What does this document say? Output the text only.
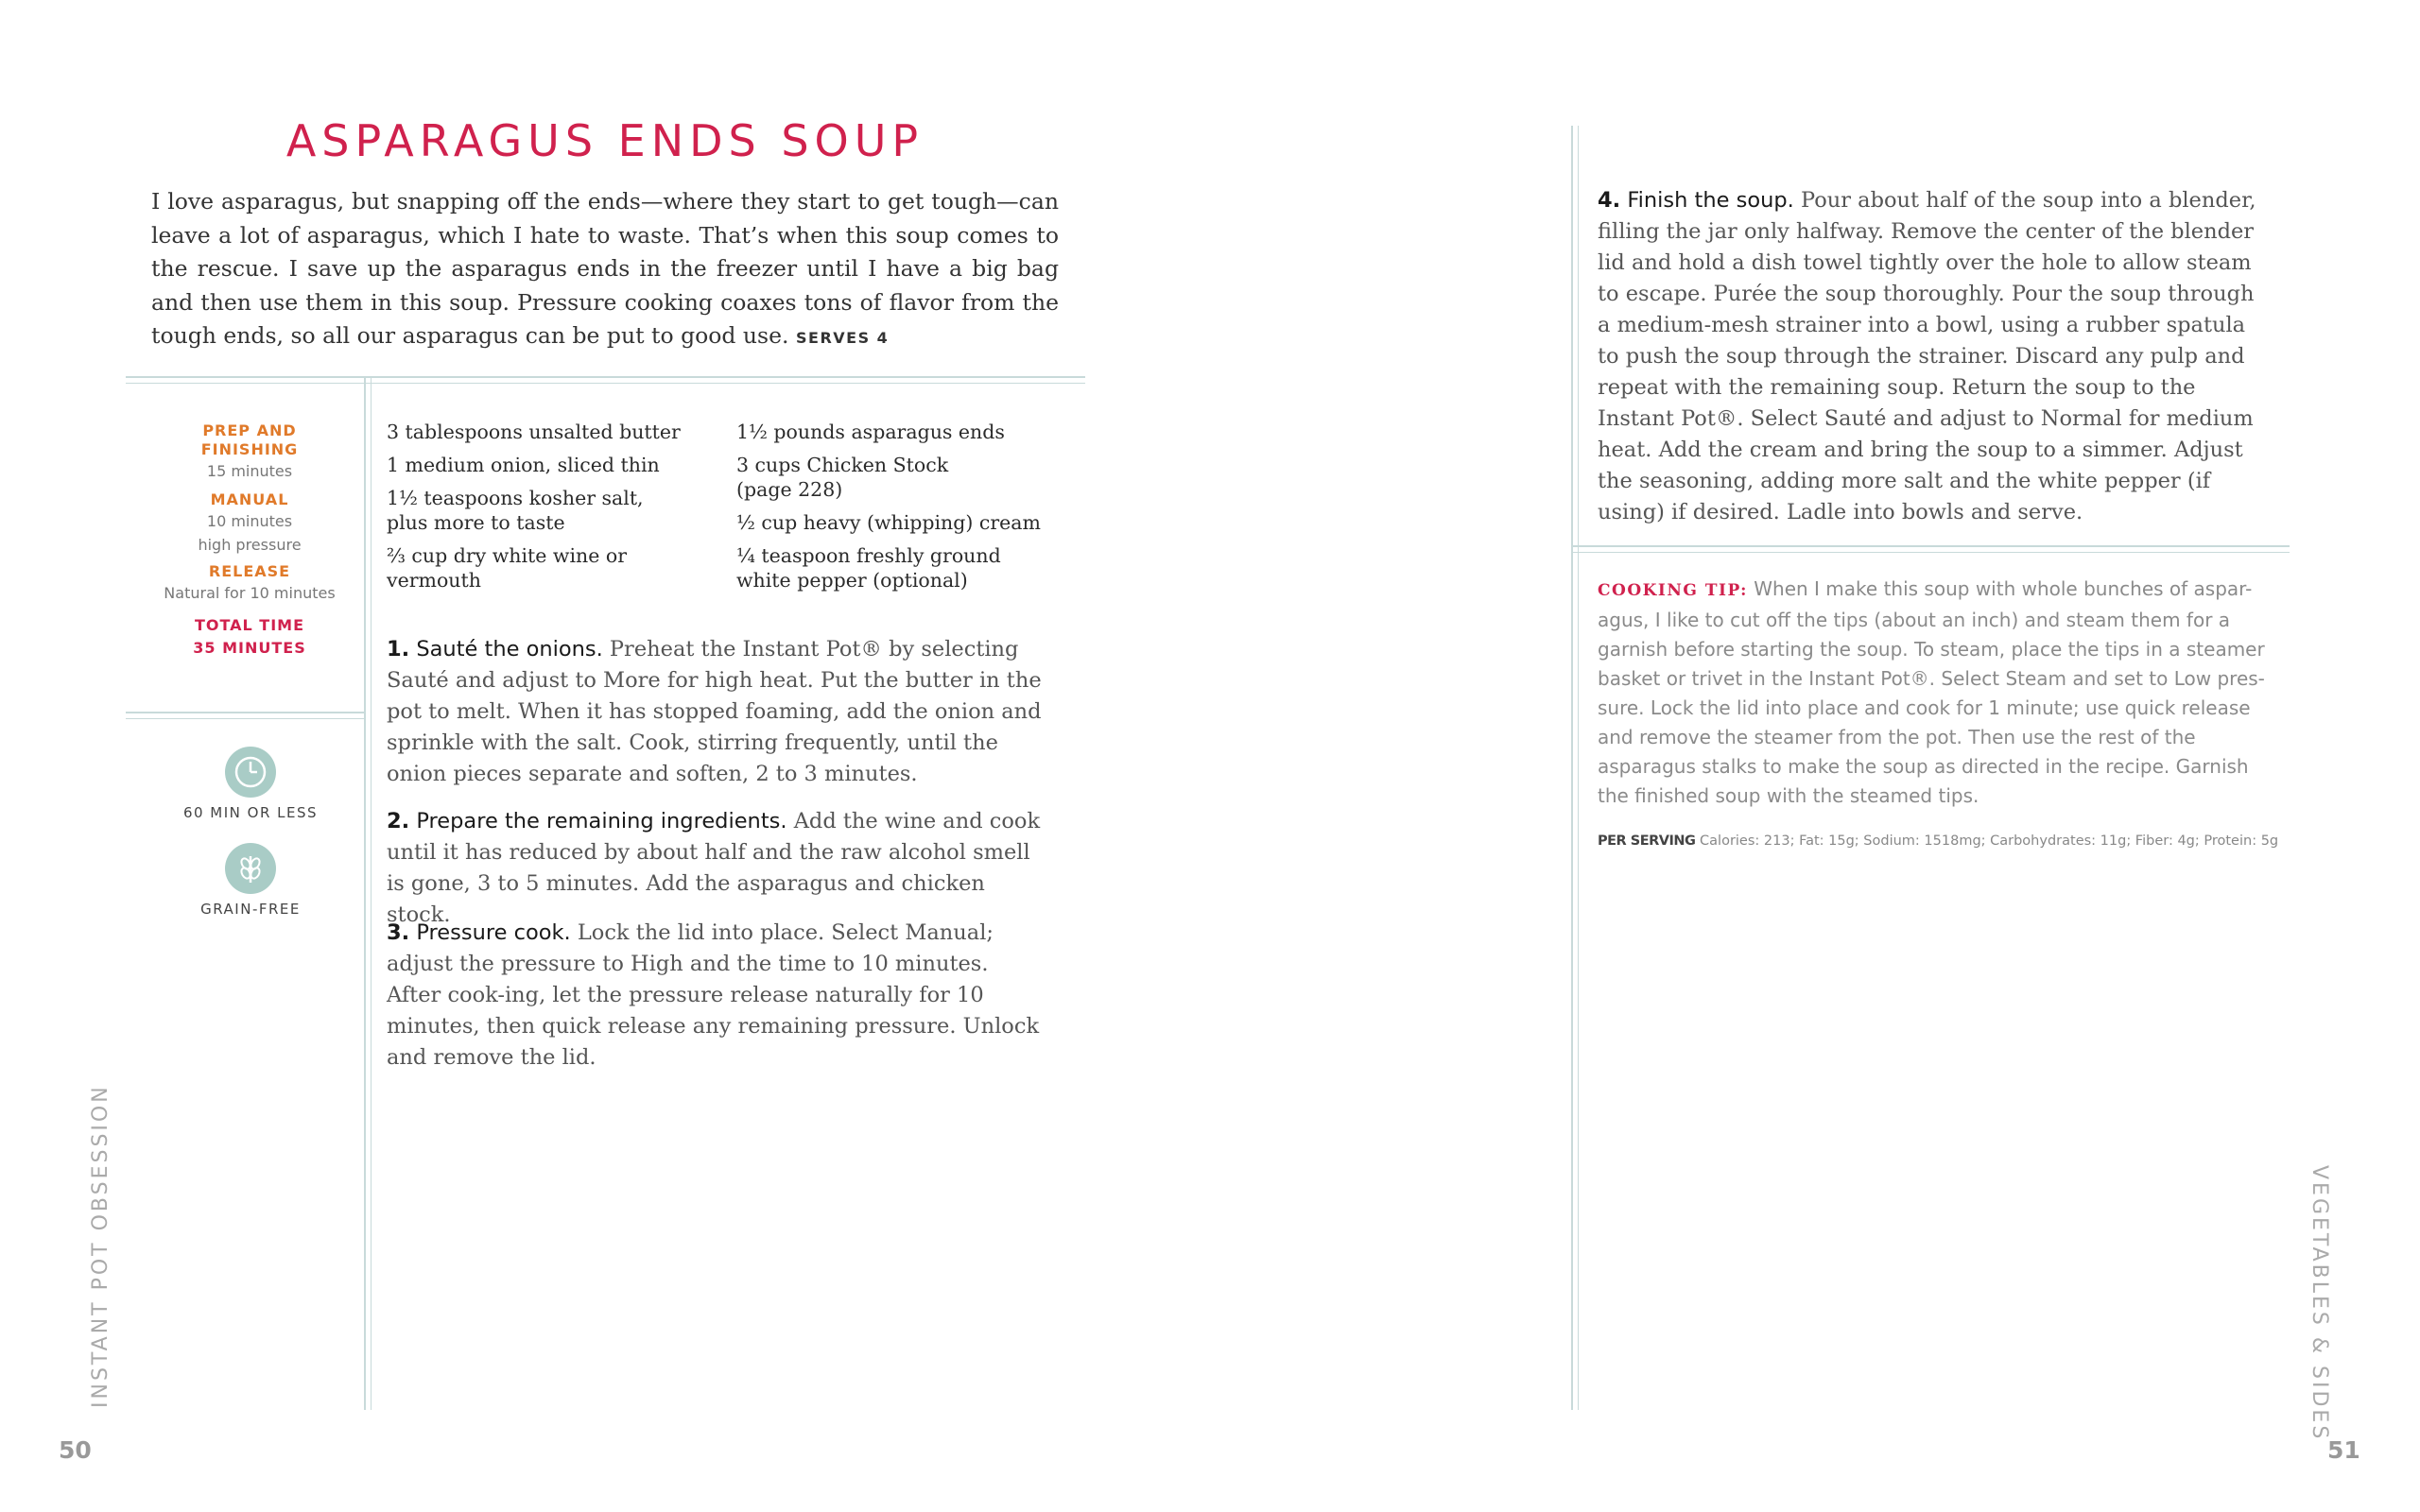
ASPARAGUS ENDS SOUP
I love asparagus, but snapping off the ends—where they start to get tough—can leave a lot of asparagus, which I hate to waste. That’s when this soup comes to the rescue. I save up the asparagus ends in the freezer until I have a big bag and then use them in this soup. Pressure cooking coaxes tons of flavor from the tough ends, so all our asparagus can be put to good use. SERVES 4
PREP AND FINISHING
15 minutes
MANUAL
10 minutes
high pressure
RELEASE
Natural for 10 minutes
TOTAL TIME
35 MINUTES
60 MIN OR LESS
GRAIN-FREE
3 tablespoons unsalted butter
1 medium onion, sliced thin
1½ teaspoons kosher salt, plus more to taste
⅔ cup dry white wine or vermouth
1½ pounds asparagus ends
3 cups Chicken Stock (page 228)
½ cup heavy (whipping) cream
¼ teaspoon freshly ground white pepper (optional)
1. Sauté the onions. Preheat the Instant Pot® by selecting Sauté and adjust to More for high heat. Put the butter in the pot to melt. When it has stopped foaming, add the onion and sprinkle with the salt. Cook, stirring frequently, until the onion pieces separate and soften, 2 to 3 minutes.
2. Prepare the remaining ingredients. Add the wine and cook until it has reduced by about half and the raw alcohol smell is gone, 3 to 5 minutes. Add the asparagus and chicken stock.
3. Pressure cook. Lock the lid into place. Select Manual; adjust the pressure to High and the time to 10 minutes. After cook-ing, let the pressure release naturally for 10 minutes, then quick release any remaining pressure. Unlock and remove the lid.
4. Finish the soup. Pour about half of the soup into a blender, filling the jar only halfway. Remove the center of the blender lid and hold a dish towel tightly over the hole to allow steam to escape. Purée the soup thoroughly. Pour the soup through a medium-mesh strainer into a bowl, using a rubber spatula to push the soup through the strainer. Discard any pulp and repeat with the remaining soup. Return the soup to the Instant Pot®. Select Sauté and adjust to Normal for medium heat. Add the cream and bring the soup to a simmer. Adjust the seasoning, adding more salt and the white pepper (if using) if desired. Ladle into bowls and serve.
COOKING TIP: When I make this soup with whole bunches of aspar-agus, I like to cut off the tips (about an inch) and steam them for a garnish before starting the soup. To steam, place the tips in a steamer basket or trivet in the Instant Pot®. Select Steam and set to Low pres-sure. Lock the lid into place and cook for 1 minute; use quick release and remove the steamer from the pot. Then use the rest of the asparagus stalks to make the soup as directed in the recipe. Garnish the finished soup with the steamed tips.
PER SERVING Calories: 213; Fat: 15g; Sodium: 1518mg; Carbohydrates: 11g; Fiber: 4g; Protein: 5g
INSTANT POT OBSESSION	VEGETABLES & SIDES
50	51
